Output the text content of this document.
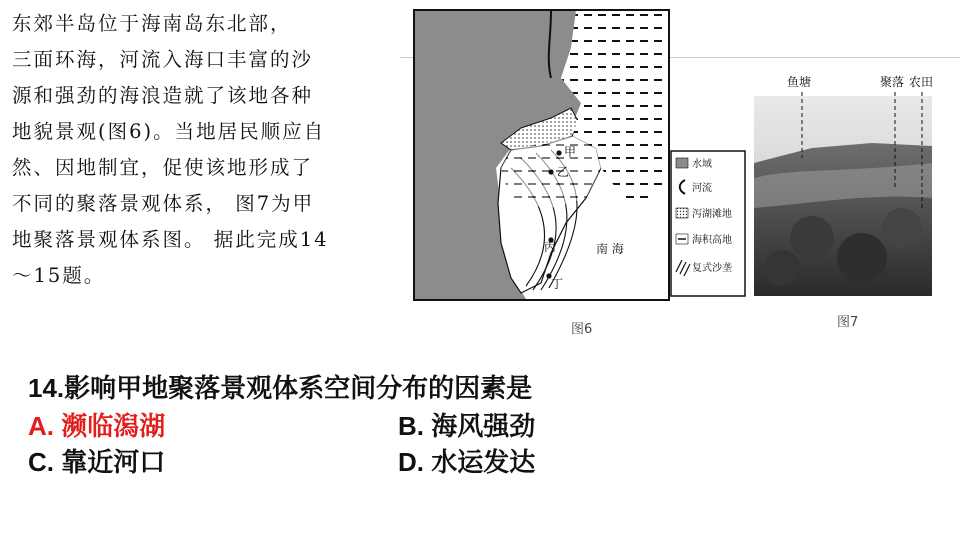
东郊半岛位于海南岛东北部，
三面环海，河流入海口丰富的沙
源和强劲的海浪造就了该地各种
地貌景观(图6)。当地居民顺应自
然、因地制宜，促使该地形成了
不同的聚落景观体系， 图7为甲
地聚落景观体系图。 据此完成14
～15题。
甲
乙
丙
丁
南 海
图6
水域
河流
泻湖滩地
海积高地
复式沙垄
鱼塘	聚落 农田
图7
14.影响甲地聚落景观体系空间分布的因素是
A. 濒临潟湖	B. 海风强劲
C. 靠近河口	D. 水运发达
